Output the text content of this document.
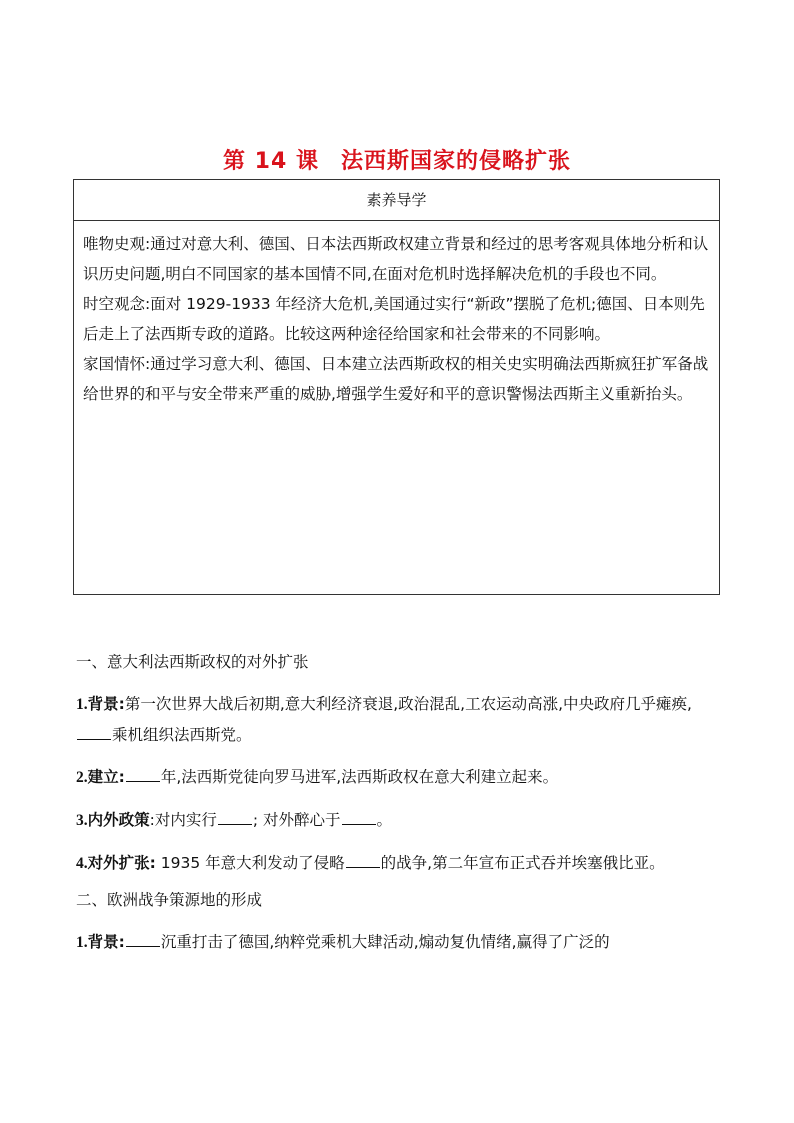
第 14 课 法西斯国家的侵略扩张
素养导学

唯物史观:通过对意大利、德国、日本法西斯政权建立背景和经过的思考客观具体地分析和认识历史问题,明白不同国家的基本国情不同,在面对危机时选择解决危机的手段也不同。

时空观念:面对 1929-1933 年经济大危机,美国通过实行“新政”摆脱了危机;德国、日本则先后走上了法西斯专政的道路。比较这两种途径给国家和社会带来的不同影响。

家国情怀:通过学习意大利、德国、日本建立法西斯政权的相关史实明确法西斯疯狂扩军备战给世界的和平与安全带来严重的威胁,增强学生爱好和平的意识警惕法西斯主义重新抬头。

一、意大利法西斯政权的对外扩张

1.背景:第一次世界大战后初期,意大利经济衰退,政治混乱,工农运动高涨,中央政府几乎瘫痪,乘机组织法西斯党。

2.建立: 年,法西斯党徒向罗马进军,法西斯政权在意大利建立起来。

3.内外政策:对内实行 ; 对外醉心于 。

4.对外扩张: 1935 年意大利发动了侵略 的战争,第二年宣布正式吞并埃塞俄比亚。

二、欧洲战争策源地的形成

1.背景: 沉重打击了德国,纳粹党乘机大肆活动,煽动复仇情绪,赢得了广泛的
